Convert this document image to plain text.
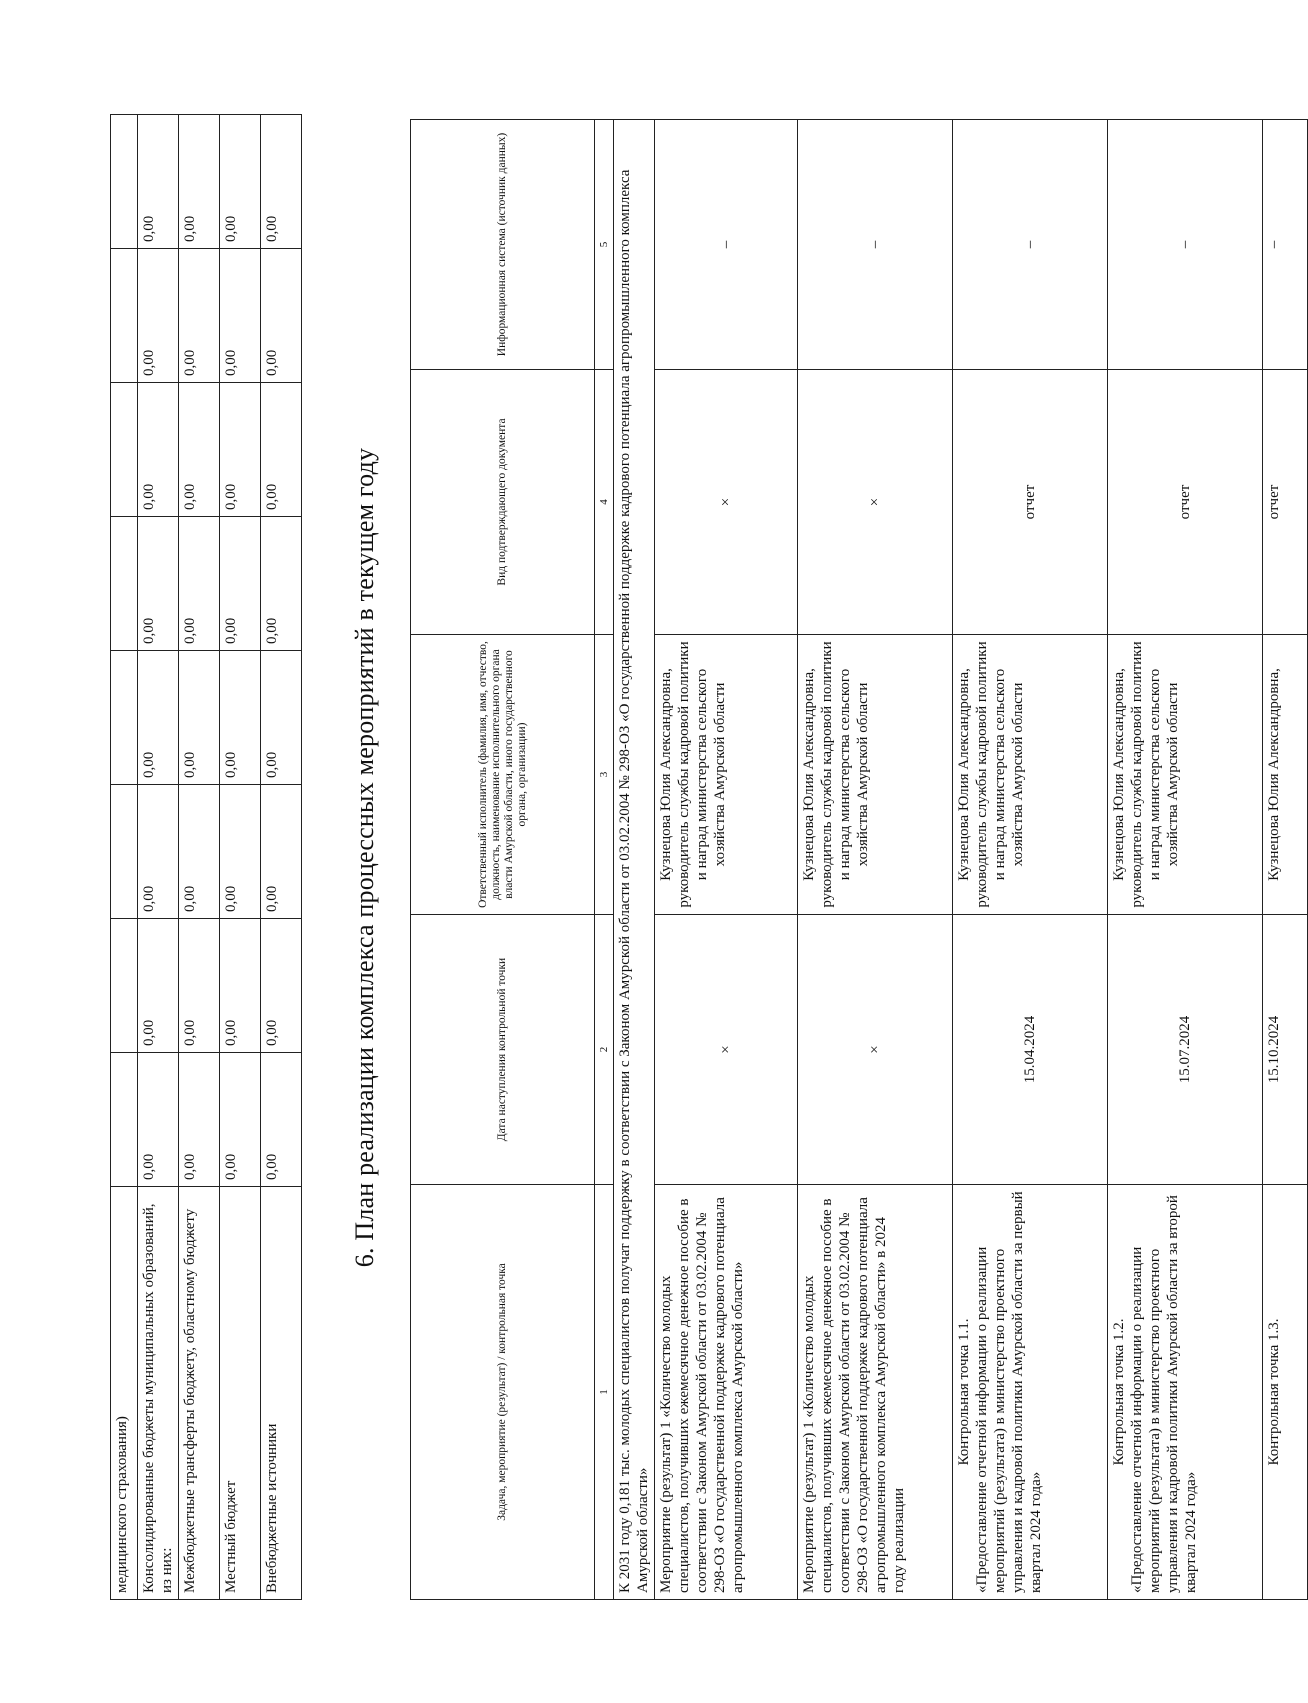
медицинского страхования)								
Консолидированные бюджеты муниципальных образований, из них:	0,00	0,00	0,00	0,00	0,00	0,00	0,00	0,00
Межбюджетные трансферты бюджету, областному бюджету	0,00	0,00	0,00	0,00	0,00	0,00	0,00	0,00
Местный бюджет	0,00	0,00	0,00	0,00	0,00	0,00	0,00	0,00
Внебюджетные источники	0,00	0,00	0,00	0,00	0,00	0,00	0,00	0,00
6. План реализации комплекса процессных мероприятий в текущем году
Задача, мероприятие (результат) / контрольная точка	Дата наступления контрольной точки	Ответственный исполнитель (фамилия, имя, отчество, должность, наименование исполнительного органа власти Амурской области, иного государственного органа, организации)	Вид подтверждающего документа	Информационная система (источник данных)
1	2	3	4	5
К 2031 году 0,181 тыс. молодых специалистов получат поддержку в соответствии с Законом Амурской области от 03.02.2004 № 298-ОЗ «О государственной поддержке кадрового потенциала агропромышленного комплекса Амурской области»				
Мероприятие (результат) 1 «Количество молодых специалистов, получивших ежемесячное денежное пособие в соответствии с Законом Амурской области от 03.02.2004 № 298-ОЗ «О государственной поддержке кадрового потенциала агропромышленного комплекса Амурской области»	×	Кузнецова Юлия Александровна, руководитель службы кадровой политики и наград министерства сельского хозяйства Амурской области	×	–
Мероприятие (результат) 1 «Количество молодых специалистов, получивших ежемесячное денежное пособие в соответствии с Законом Амурской области от 03.02.2004 № 298-ОЗ «О государственной поддержке кадрового потенциала агропромышленного комплекса Амурской области» в 2024 году реализации	×	Кузнецова Юлия Александровна, руководитель службы кадровой политики и наград министерства сельского хозяйства Амурской области	×	–

Контрольная точка 1.1. «Предоставление отчетной информации о реализации мероприятий (результата) в министерство проектного управления и кадровой политики Амурской области за первый квартал 2024 года»	15.04.2024	Кузнецова Юлия Александровна, руководитель службы кадровой политики и наград министерства сельского хозяйства Амурской области	отчет	–

Контрольная точка 1.2. «Предоставление отчетной информации о реализации мероприятий (результата) в министерство проектного управления и кадровой политики Амурской области за второй квартал 2024 года»	15.07.2024	Кузнецова Юлия Александровна, руководитель службы кадровой политики и наград министерства сельского хозяйства Амурской области	отчет	–

Контрольная точка 1.3.	15.10.2024	Кузнецова Юлия Александровна,	отчет	–
